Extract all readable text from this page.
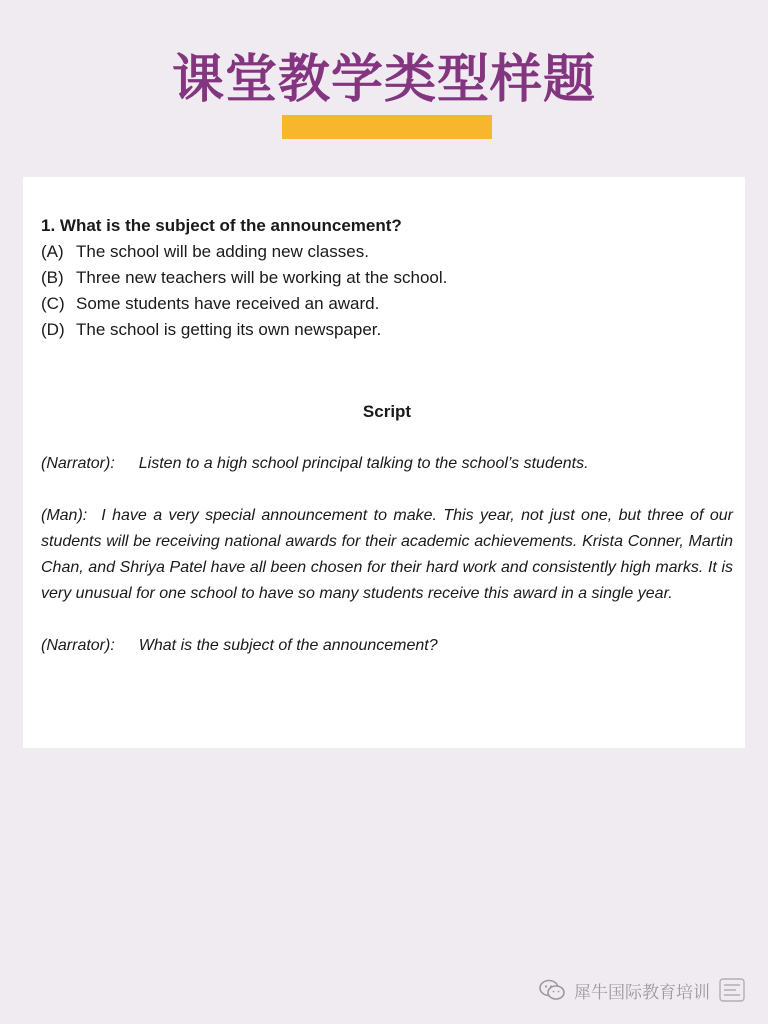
课堂教学类型样题

1. What is the subject of the announcement?

(A) The school will be adding new classes.
(B) Three new teachers will be working at the school.
(C) Some students have received an award.
(D) The school is getting its own newspaper.

Script

(Narrator): Listen to a high school principal talking to the school’s students.

(Man): I have a very special announcement to make. This year, not just one, but three of our students will be receiving national awards for their academic achievements. Krista Conner, Martin Chan, and Shriya Patel have all been chosen for their hard work and consistently high marks. It is very unusual for one school to have so many students receive this award in a single year.

(Narrator): What is the subject of the announcement?

犀牛国际教育培训
